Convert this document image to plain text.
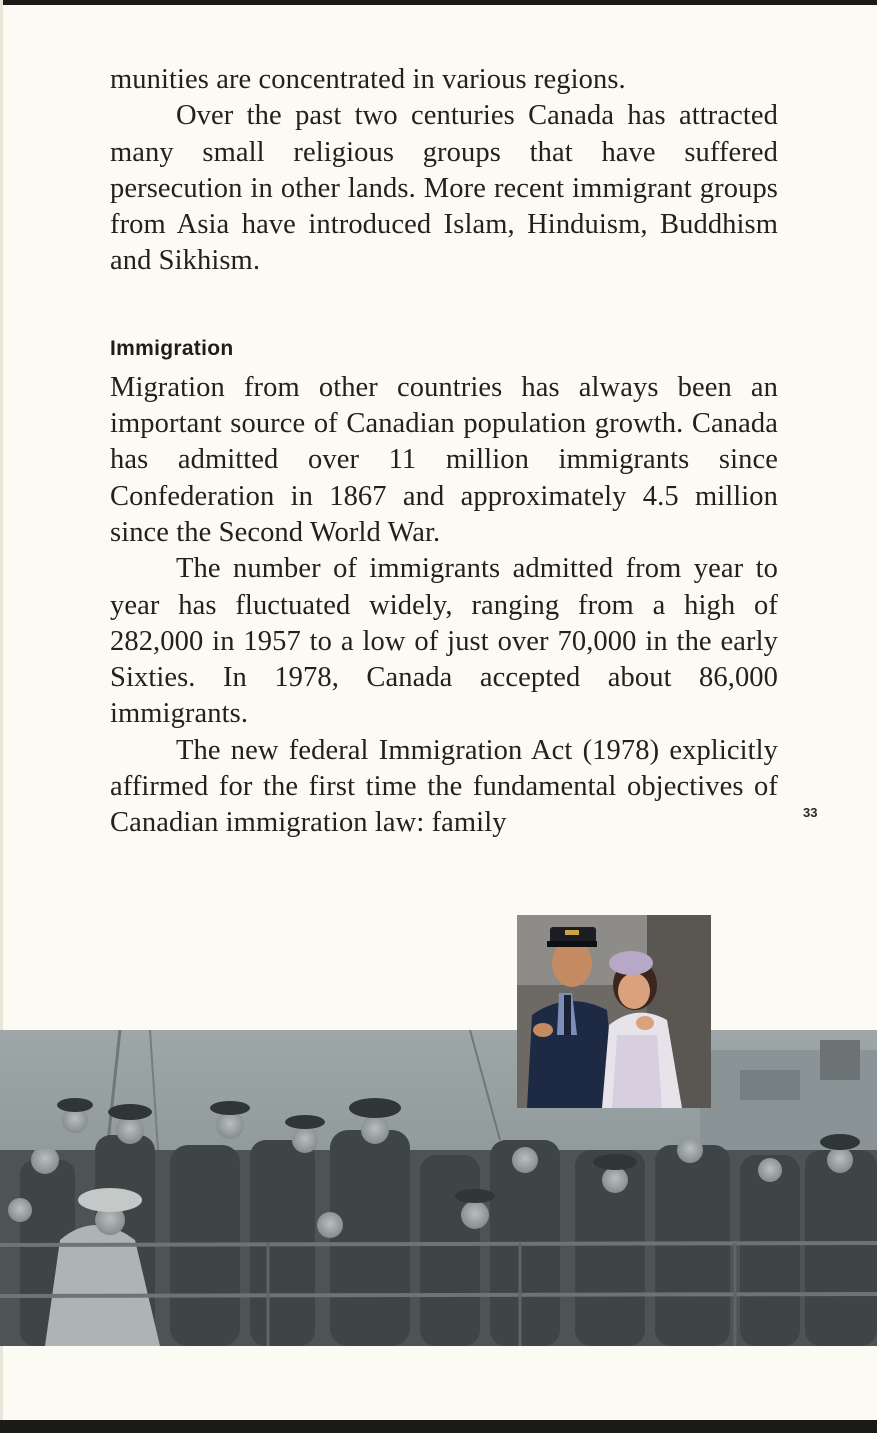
munities are concentrated in various regions.

Over the past two centuries Canada has attracted many small religious groups that have suffered persecution in other lands. More recent immigrant groups from Asia have introduced Islam, Hinduism, Buddhism and Sikhism.

Immigration

Migration from other countries has always been an important source of Canadian population growth. Canada has admitted over 11 million immigrants since Confederation in 1867 and approximately 4.5 million since the Second World War.

The number of immigrants admitted from year to year has fluctuated widely, ranging from a high of 282,000 in 1957 to a low of just over 70,000 in the early Sixties. In 1978, Canada accepted about 86,000 immigrants.

The new federal Immigration Act (1978) explicitly affirmed for the first time the fundamental objectives of Canadian immigration law: family	33
